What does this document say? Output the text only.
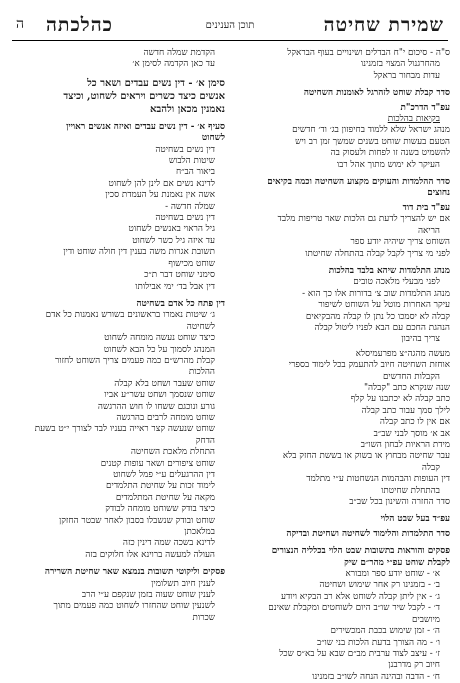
שמירת שחיטה
תוכן הענינים
כהלכתה
ה
ס"ה - סיכום י"ח הבדלים ושינויים בעוף הבראקל
מהחרגנול המצוי בזמנינו
עדות מבחור בראקל
סדר קבלת שוחט לזהרגל לאומנות השחיטה
עפ"ד הדרכ"ת
בקיאות בהלכות
מנהג ישראל שלא ללמוד בחיפזון בג׳ וד׳ חדשים
הטעם בעשות שוחט בשנים שמשך זמן רב ויש
להשמיט בשנה זו לפחות ולעסוק בה
העיקר לא ימוש מתוך אהל רבו
סדר ההלמדות והעוקים מקצוע השחיטה וכמה בקיאים
נחוצים
עפ"ד בית דוד
אם יש להצריך לדעת גם הלכות שאר טריפות מלבד
הריאה
השוחט צריך שיהיה יודע ספר
לפני מי צריך לקבל קבלה בהתחלה שחיטתו
מנהג התלמדות שיהא בלבד בהלכות
לפני מבעלי מלאכה טובים
מנהג התלמדות שוב צ׳ בדורות אלו כך הוא -
עיקר האחרות מוטל על השוחט לשיפור
קבלה לא יסמכו כל נתן לו קבלה מהבקיאים
הנהגת החכם עם הבא לפניו ליטול קבלה
צריך בהיבון
מעשה מהגה״צ מפרעמיסלא
אוחזת השחיטה חיוב להתעמק בכל לימוד בספרי
הקבלות החדשים
שנה שנקרא כתב "קבלה"
כתב קבלה לא יכתבנו על קלף
לילך סמך עבור כתב קבלה
אם אין לו כתב קבלה
אב א׳ מוסך לבני שב״ב
מידת הראיות לבחון השו״ב
עבר שחיטה מבחוץ או בשוק או בששת החזק בלא
קבלה
דין העופות והבהמות הנשחטות ע״י מתלמד
בהתחלת שחיטתו
סדר החזרה והשינון בכל שב״ב
עפ״ד בעל שבט הלוי
סדר התלמדות והלימוד לשחיטה ושחיטת ובדיקה
פסקים והוראות בתשובות שבט הלוי בכלליה הנצורים
לקבלת שוחט עפ״י מהר״ם שיק
א׳ - שוחט יודע ספר ומבורא
ב׳ - בזמנינו רק אחר שימוש ושחיטה
ג׳ - אין ליתן קבלה לשוחט אלא רב הבקיא ויודע
ד׳ - לקבל שיר שו״ב היום לשוחטים ומקבלת שאינם
מיושבים
ה׳ - זמן שימוש בכבת המכשירים
ו׳ - מה הצורך בדעת הלכות בני שו״ב
ז׳ - עיצב לצוד ערבית מב״ם שבא על בא״ס שכל
חיוב רק מדרבנן
ח׳ - הדבה ובהינה הנחה לשו״ב בזמנינו
הקדמת שמלה חדשה
עד כאן הקדמה לסימן א׳
סימן א׳ - דין נשים עבדים ושאר כל
אנשים כיצד כשרים ויראים לשחוט, וכיצד
נאמנין מכאן ולהבא
סעיף א׳ - דין נשים עבדים ואיזה אנשים ראויין
לשחוט
דין נשים בשחיטה
שיטות הלבוש
ביאור הב״ח
לדינא נשים אם לינן להן לשחוט
אשה אין נאמנת על העמדת סכין
שמלה חדשה -
דין נשים בשחיטה
גיל הראוי באנשים לשחוט
עד איזה גיל כשר לשחוט
תשובת אגרות משה בענין דין חולה שוחט ודין
שוחט מכישוף
סימני שוחט דבר ת״כ
דין אבל בד׳ ימי אבילותו
דין פתח כל אדם בשחיטה
ג׳ שיטות נאמרו בראשונים בשורש נאמנות כל אדם
לשחיטה
כיצד שוחט נעשה מומחה לשחוט
המנהג לסמוך על כל הבא לשחוט
קבלת מהרש״ם כמה פעמים צריך השוחט לחזור
ההלכות
שוחט שעבר ושחט בלא קבלה
שוחט שנסמך ושחט עשר״ע אביו
גורע ונוכגם ששחו לו חוש ההרגשה
שוחט מומחה לרבים בהרגשה
שוחט שנעשה קצר ראייה בעניו לבד לצורך י״ט בשעת
הדחק
התחלת מלאכת השחיטה
שוחט ציפורים ושאר עופות קטנים
דין ההרגעלים ע״י פמל לשחוט
לימוד זכות על שחיטת התלמדים
מקאה על שחיטת המתלמדים
כיצד בודק ששוחט מומחה לבודק
שוחט ובודק שנשבלו בסבון לאחר שבטר החזקן
במלאכתן
לדינא בשכה שמה דינין כזה
העולה למעשה ברוינא אלו חלוקים בזה
פסקים וליקוטי תשובות בנמצא שאר שחיטת השרירה
לענין חיוב תשלומין
לענין שוחט שעוה בזמן שנקפם ע״י הרב
לשנעין שוחט שהחזרו לשחוט כמה פעמים מתוך
שכרות
